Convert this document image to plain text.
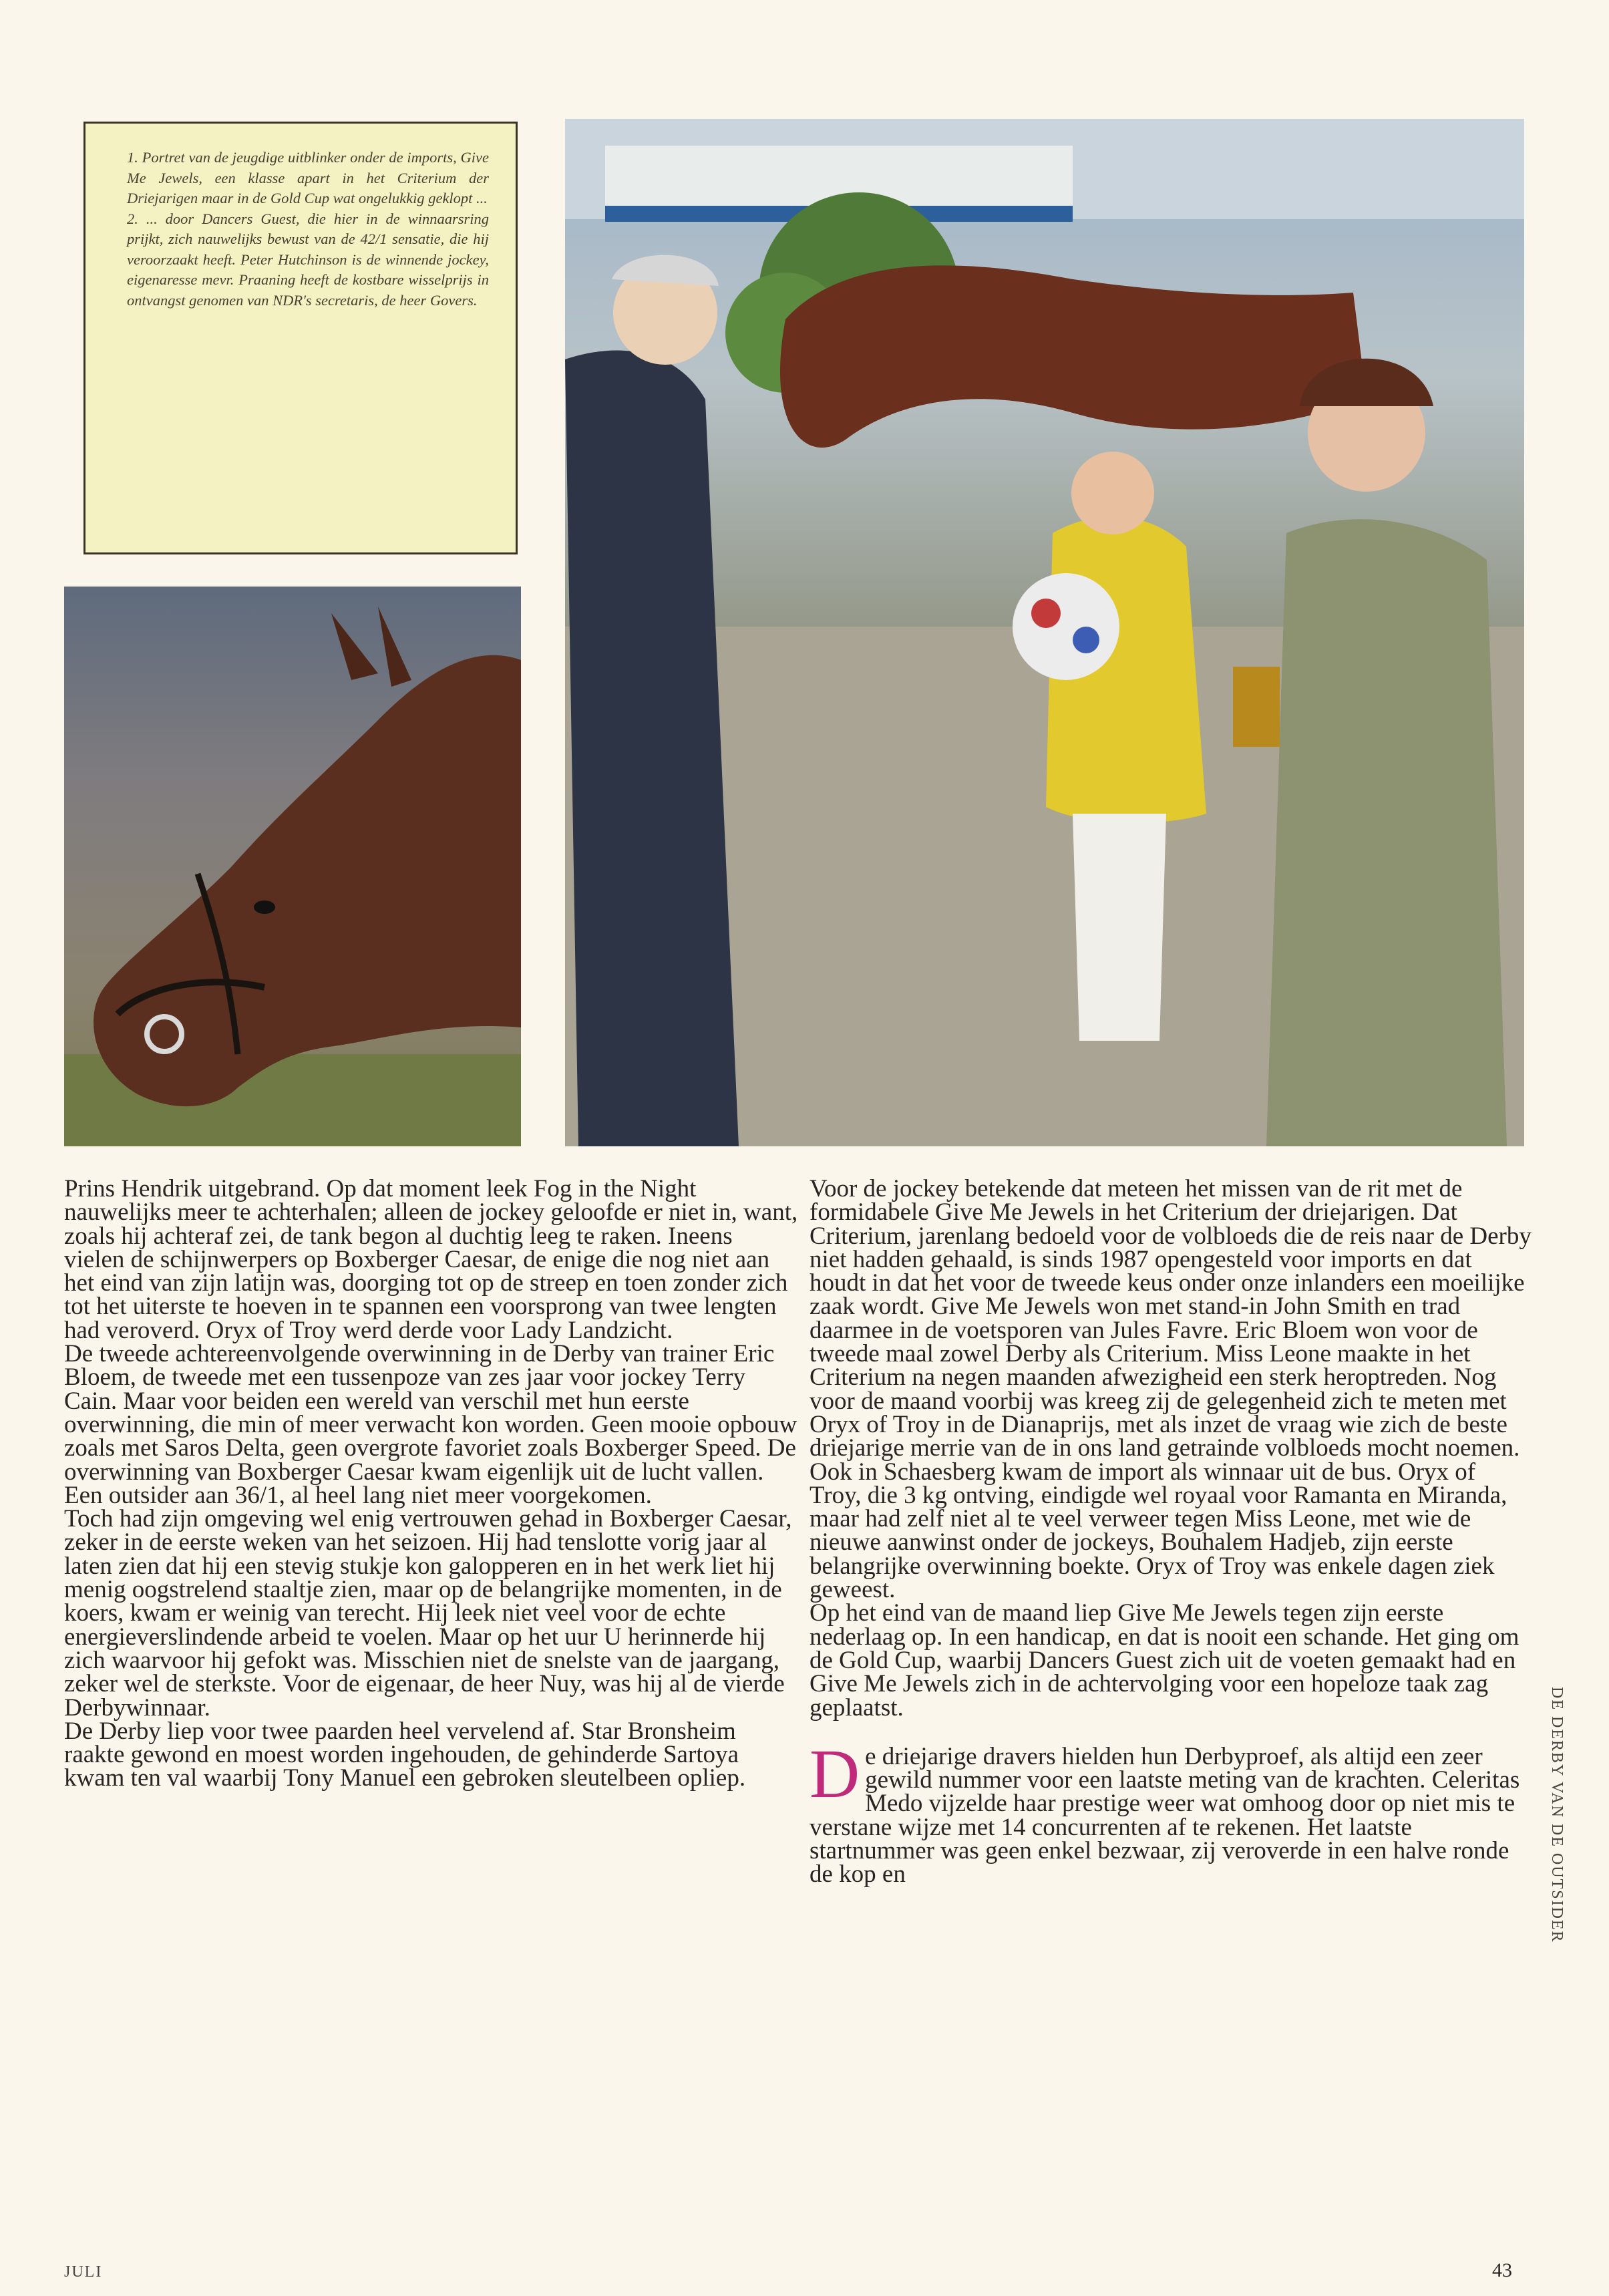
1. Portret van de jeugdige uitblinker onder de imports, Give Me Jewels, een klasse apart in het Criterium der Driejarigen maar in de Gold Cup wat ongelukkig geklopt ...

2. ... door Dancers Guest, die hier in de winnaarsring prijkt, zich nauwelijks bewust van de 42/1 sensatie, die hij veroorzaakt heeft. Peter Hutchinson is de winnende jockey, eigenaresse mevr. Praaning heeft de kostbare wisselprijs in ontvangst genomen van NDR's secretaris, de heer Govers.

Prins Hendrik uitgebrand. Op dat moment leek Fog in the Night nauwelijks meer te achterhalen; alleen de jockey geloofde er niet in, want, zoals hij achteraf zei, de tank begon al duchtig leeg te raken. Ineens vielen de schijnwerpers op Boxberger Caesar, de enige die nog niet aan het eind van zijn latijn was, doorging tot op de streep en toen zonder zich tot het uiterste te hoeven in te spannen een voorsprong van twee lengten had veroverd. Oryx of Troy werd derde voor Lady Landzicht.

De tweede achtereenvolgende overwinning in de Derby van trainer Eric Bloem, de tweede met een tussenpoze van zes jaar voor jockey Terry Cain. Maar voor beiden een wereld van verschil met hun eerste overwinning, die min of meer verwacht kon worden. Geen mooie opbouw zoals met Saros Delta, geen overgrote favoriet zoals Boxberger Speed. De overwinning van Boxberger Caesar kwam eigenlijk uit de lucht vallen. Een outsider aan 36/1, al heel lang niet meer voorgekomen.

Toch had zijn omgeving wel enig vertrouwen gehad in Boxberger Caesar, zeker in de eerste weken van het seizoen. Hij had tenslotte vorig jaar al laten zien dat hij een stevig stukje kon galopperen en in het werk liet hij menig oogstrelend staaltje zien, maar op de belangrijke momenten, in de koers, kwam er weinig van terecht. Hij leek niet veel voor de echte energieverslindende arbeid te voelen. Maar op het uur U herinnerde hij zich waarvoor hij gefokt was. Misschien niet de snelste van de jaargang, zeker wel de sterkste. Voor de eigenaar, de heer Nuy, was hij al de vierde Derbywinnaar.

De Derby liep voor twee paarden heel vervelend af. Star Bronsheim raakte gewond en moest worden ingehouden, de gehinderde Sartoya kwam ten val waarbij Tony Manuel een gebroken sleutelbeen opliep.

Voor de jockey betekende dat meteen het missen van de rit met de formidabele Give Me Jewels in het Criterium der driejarigen. Dat Criterium, jarenlang bedoeld voor de volbloeds die de reis naar de Derby niet hadden gehaald, is sinds 1987 opengesteld voor imports en dat houdt in dat het voor de tweede keus onder onze inlanders een moeilijke zaak wordt. Give Me Jewels won met stand-in John Smith en trad daarmee in de voetsporen van Jules Favre. Eric Bloem won voor de tweede maal zowel Derby als Criterium. Miss Leone maakte in het Criterium na negen maanden afwezigheid een sterk heroptreden. Nog voor de maand voorbij was kreeg zij de gelegenheid zich te meten met Oryx of Troy in de Dianaprijs, met als inzet de vraag wie zich de beste driejarige merrie van de in ons land getrainde volbloeds mocht noemen. Ook in Schaesberg kwam de import als winnaar uit de bus. Oryx of Troy, die 3 kg ontving, eindigde wel royaal voor Ramanta en Miranda, maar had zelf niet al te veel verweer tegen Miss Leone, met wie de nieuwe aanwinst onder de jockeys, Bouhalem Hadjeb, zijn eerste belangrijke overwinning boekte. Oryx of Troy was enkele dagen ziek geweest.

Op het eind van de maand liep Give Me Jewels tegen zijn eerste nederlaag op. In een handicap, en dat is nooit een schande. Het ging om de Gold Cup, waarbij Dancers Guest zich uit de voeten gemaakt had en Give Me Jewels zich in de achtervolging voor een hopeloze taak zag geplaatst.

De driejarige dravers hielden hun Derbyproef, als altijd een zeer gewild nummer voor een laatste meting van de krachten. Celeritas Medo vijzelde haar prestige weer wat omhoog door op niet mis te verstane wijze met 14 concurrenten af te rekenen. Het laatste startnummer was geen enkel bezwaar, zij veroverde in een halve ronde de kop en	DE DERBY VAN DE OUTSIDER
JULI	43
